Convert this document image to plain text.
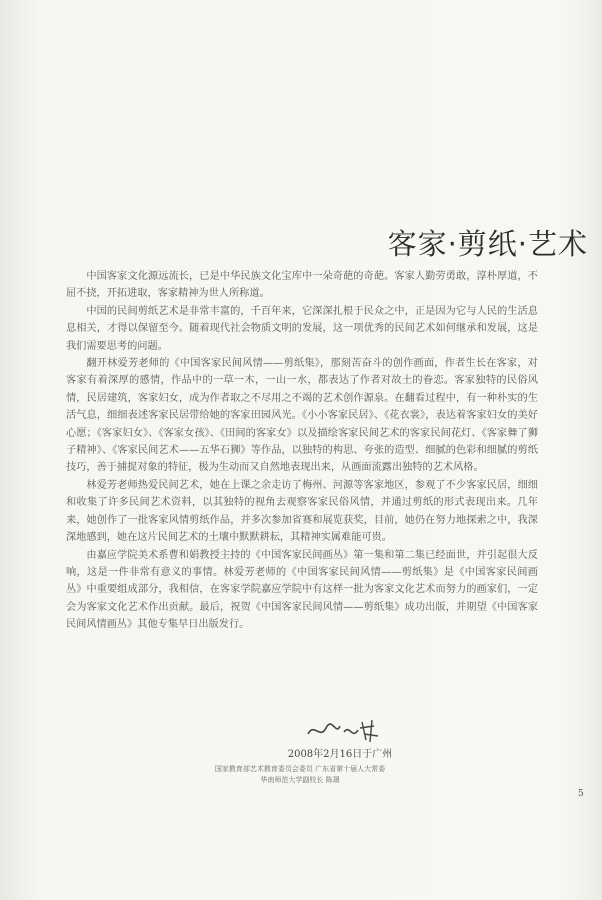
客家·剪纸·艺术

中国客家文化源远流长，已是中华民族文化宝库中一朵奇葩的奇葩。客家人勤劳勇敢，淳朴厚道，不屈不挠，开拓进取，客家精神为世人所称道。

中国的民间剪纸艺术是非常丰富的，千百年来，它深深扎根于民众之中，正是因为它与人民的生活息息相关，才得以保留至今。随着现代社会物质文明的发展，这一项优秀的民间艺术如何继承和发展，这是我们需要思考的问题。

翻开林爱芳老师的《中国客家民间风情——剪纸集》，那刻苦奋斗的创作画面，作者生长在客家，对客家有着深厚的感情，作品中的一草一木，一山一水，都表达了作者对故土的眷恋。客家独特的民俗风情，民居建筑，客家妇女，成为作者取之不尽用之不竭的艺术创作源泉。在翻看过程中，有一种朴实的生活气息，细细表述客家民居带给她的客家田园风光。《小小客家民居》、《花衣裳》，表达着客家妇女的美好心愿；《客家妇女》、《客家女孩》、《田间的客家女》以及描绘客家民间艺术的客家民间花灯、《客家舞了狮子精神》、《客家民间艺术——五华石狮》等作品，以独特的构思、夸张的造型、细腻的色彩和细腻的剪纸技巧，善于捕捉对象的特征，极为生动而又自然地表现出来，从画面流露出独特的艺术风格。

林爱芳老师热爱民间艺术，她在上课之余走访了梅州、河源等客家地区，参观了不少客家民居，细细和收集了许多民间艺术资料，以其独特的视角去观察客家民俗风情，并通过剪纸的形式表现出来。几年来，她创作了一批客家风情剪纸作品，并多次参加省赛和展览获奖，目前，她仍在努力地探索之中，我深深地感到，她在这片民间艺术的土壤中默默耕耘，其精神实属难能可贵。

由嘉应学院美术系曹和娟教授主持的《中国客家民间画丛》第一集和第二集已经面世，并引起很大反响，这是一件非常有意义的事情。林爱芳老师的《中国客家民间风情——剪纸集》是《中国客家民间画丛》中重要组成部分，我相信，在客家学院嘉应学院中有这样一批为客家文化艺术而努力的画家们，一定会为客家文化艺术作出贡献。最后，祝贺《中国客家民间风情——剪纸集》成功出版，并期望《中国客家民间风情画丛》其他专集早日出版发行。

2008年2月16日于广州
国家教育部艺术教育委员会委员 广东省第十届人大常委
华南师范大学副校长 陈璟
5
